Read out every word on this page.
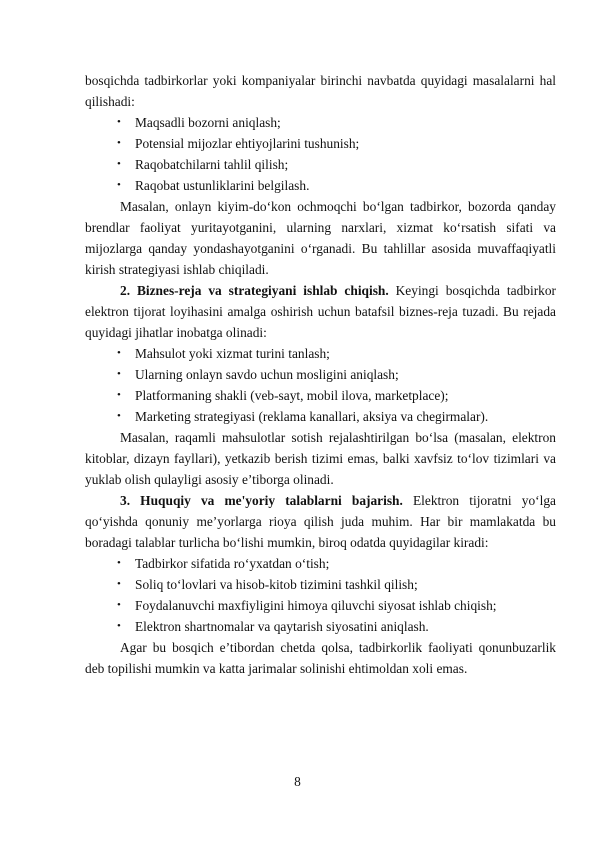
bosqichda tadbirkorlar yoki kompaniyalar birinchi navbatda quyidagi masalalarni hal qilishadi:

• Maqsadli bozorni aniqlash;
• Potensial mijozlar ehtiyojlarini tushunish;
• Raqobatchilarni tahlil qilish;
• Raqobat ustunliklarini belgilash.

Masalan, onlayn kiyim-do‘kon ochmoqchi bo‘lgan tadbirkor, bozorda qanday brendlar faoliyat yuritayotganini, ularning narxlari, xizmat ko‘rsatish sifati va mijozlarga qanday yondashayotganini o‘rganadi. Bu tahlillar asosida muvaffaqiyatli kirish strategiyasi ishlab chiqiladi.

2. Biznes-reja va strategiyani ishlab chiqish. Keyingi bosqichda tadbirkor elektron tijorat loyihasini amalga oshirish uchun batafsil biznes-reja tuzadi. Bu rejada quyidagi jihatlar inobatga olinadi:

• Mahsulot yoki xizmat turini tanlash;
• Ularning onlayn savdo uchun mosligini aniqlash;
• Platformaning shakli (veb-sayt, mobil ilova, marketplace);
• Marketing strategiyasi (reklama kanallari, aksiya va chegirmalar).

Masalan, raqamli mahsulotlar sotish rejalashtirilgan bo‘lsa (masalan, elektron kitoblar, dizayn fayllari), yetkazib berish tizimi emas, balki xavfsiz to‘lov tizimlari va yuklab olish qulayligi asosiy e’tiborga olinadi.

3. Huquqiy va me'yoriy talablarni bajarish. Elektron tijoratni yo‘lga qo‘yishda qonuniy me’yorlarga rioya qilish juda muhim. Har bir mamlakatda bu boradagi talablar turlicha bo‘lishi mumkin, biroq odatda quyidagilar kiradi:

• Tadbirkor sifatida ro‘yxatdan o‘tish;
• Soliq to‘lovlari va hisob-kitob tizimini tashkil qilish;
• Foydalanuvchi maxfiyligini himoya qiluvchi siyosat ishlab chiqish;
• Elektron shartnomalar va qaytarish siyosatini aniqlash.

Agar bu bosqich e’tibordan chetda qolsa, tadbirkorlik faoliyati qonunbuzarlik deb topilishi mumkin va katta jarimalar solinishi ehtimoldan xoli emas.

8
